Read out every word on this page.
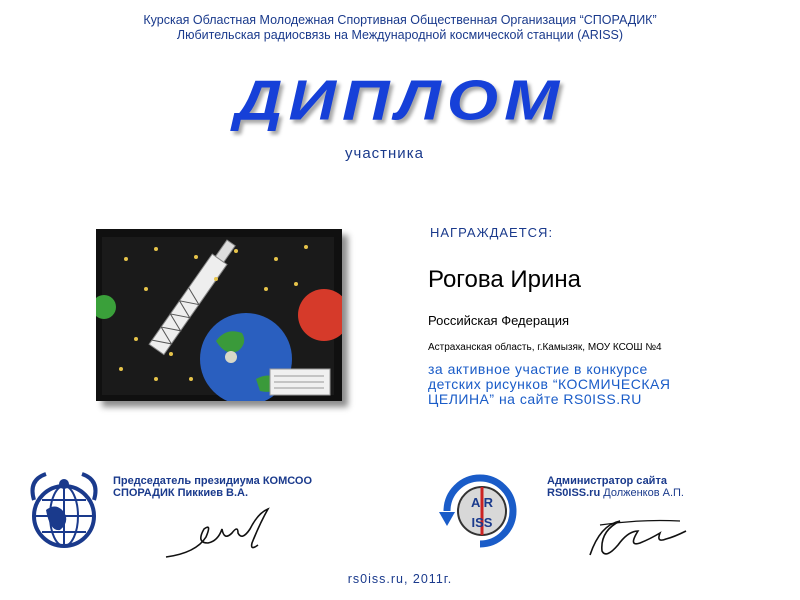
Курская Областная Молодежная Спортивная Общественная Организация “СПОРАДИК”
Любительская радиосвязь на Международной космической станции (ARISS)
ДИПЛОМ
участника
НАГРАЖДАЕТСЯ:
Рогова Ирина
Российская Федерация
Астраханская область, г.Камызяк, МОУ КСОШ №4
за активное участие в конкурсе
детских рисунков “КОСМИЧЕСКАЯ
ЦЕЛИНА” на сайте RS0ISS.RU
Председатель президиума КОМСОО
СПОРАДИК Пиккиев В.А.
A R
ISS
Администратор сайта
RS0ISS.ru Долженков А.П.
rs0iss.ru, 2011г.
